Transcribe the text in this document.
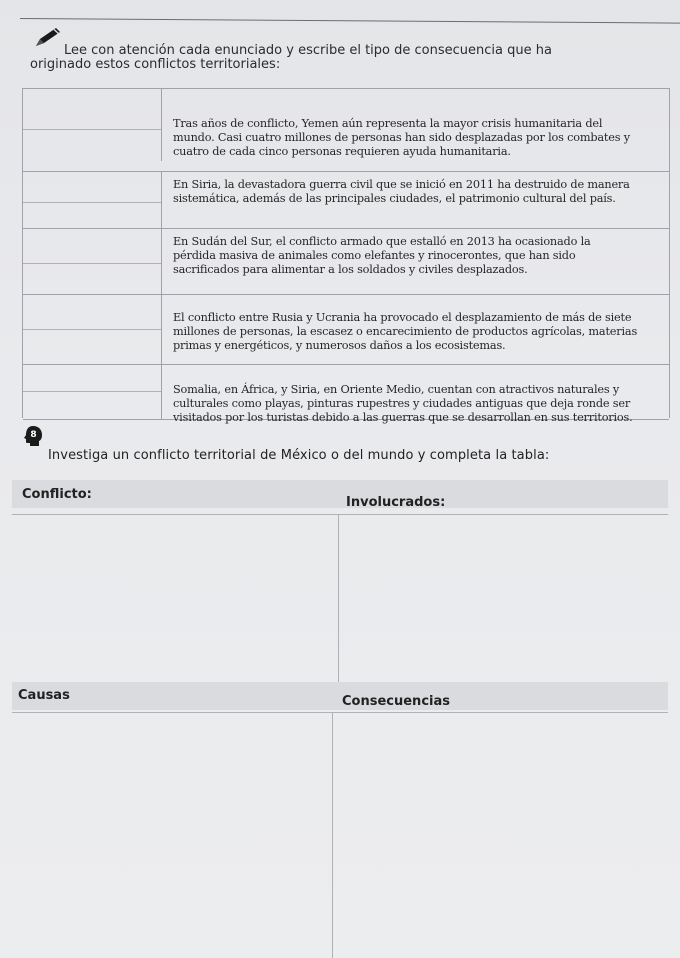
Lee con atención cada enunciado y escribe el tipo de consecuencia que ha
originado estos conflictos territoriales:
Tras años de conflicto, Yemen aún representa la mayor crisis humanitaria del
mundo. Casi cuatro millones de personas han sido desplazadas por los combates y
cuatro de cada cinco personas requieren ayuda humanitaria.
En Siria, la devastadora guerra civil que se inició en 2011 ha destruido de manera
sistemática, además de las principales ciudades, el patrimonio cultural del país.
En Sudán del Sur, el conflicto armado que estalló en 2013 ha ocasionado la
pérdida masiva de animales como elefantes y rinocerontes, que han sido
sacrificados para alimentar a los soldados y civiles desplazados.
El conflicto entre Rusia y Ucrania ha provocado el desplazamiento de más de siete
millones de personas, la escasez o encarecimiento de productos agrícolas, materias
primas y energéticos, y numerosos daños a los ecosistemas.
Somalia, en África, y Siria, en Oriente Medio, cuentan con atractivos naturales y
culturales como playas, pinturas rupestres y ciudades antiguas que deja ronde ser
visitados por los turistas debido a las guerras que se desarrollan en sus territorios.
8
Investiga un conflicto territorial de México o del mundo y completa la tabla:
Conflicto:
Involucrados:
Causas	Consecuencias
